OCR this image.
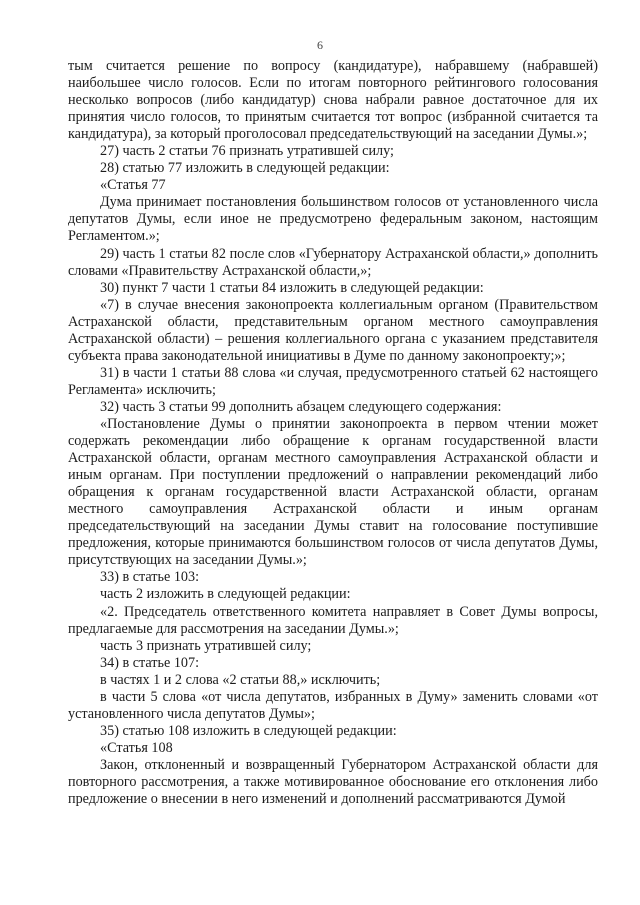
6

тым считается решение по вопросу (кандидатуре), набравшему (набравшей) наибольшее число голосов. Если по итогам повторного рейтингового голосования несколько вопросов (либо кандидатур) снова набрали равное достаточное для их принятия число голосов, то принятым считается тот вопрос (избранной считается та кандидатура), за который проголосовал председательствующий на заседании Думы.»;

27) часть 2 статьи 76 признать утратившей силу;

28) статью 77 изложить в следующей редакции:

«Статья 77

Дума принимает постановления большинством голосов от установленного числа депутатов Думы, если иное не предусмотрено федеральным законом, настоящим Регламентом.»;

29) часть 1 статьи 82 после слов «Губернатору Астраханской области,» дополнить словами «Правительству Астраханской области,»;

30) пункт 7 части 1 статьи 84 изложить в следующей редакции:

«7) в случае внесения законопроекта коллегиальным органом (Правительством Астраханской области, представительным органом местного самоуправления Астраханской области) – решения коллегиального органа с указанием представителя субъекта права законодательной инициативы в Думе по данному законопроекту;»;

31) в части 1 статьи 88 слова «и случая, предусмотренного статьей 62 настоящего Регламента» исключить;

32) часть 3 статьи 99 дополнить абзацем следующего содержания:

«Постановление Думы о принятии законопроекта в первом чтении может содержать рекомендации либо обращение к органам государственной власти Астраханской области, органам местного самоуправления Астраханской области и иным органам. При поступлении предложений о направлении рекомендаций либо обращения к органам государственной власти Астраханской области, органам местного самоуправления Астраханской области и иным органам председательствующий на заседании Думы ставит на голосование поступившие предложения, которые принимаются большинством голосов от числа депутатов Думы, присутствующих на заседании Думы.»;

33) в статье 103:

часть 2 изложить в следующей редакции:

«2. Председатель ответственного комитета направляет в Совет Думы вопросы, предлагаемые для рассмотрения на заседании Думы.»;

часть 3 признать утратившей силу;

34) в статье 107:

в частях 1 и 2 слова «2 статьи 88,» исключить;

в части 5 слова «от числа депутатов, избранных в Думу» заменить словами «от установленного числа депутатов Думы»;

35) статью 108 изложить в следующей редакции:

«Статья 108

Закон, отклоненный и возвращенный Губернатором Астраханской области для повторного рассмотрения, а также мотивированное обоснование его отклонения либо предложение о внесении в него изменений и дополнений рассматриваются Думой
